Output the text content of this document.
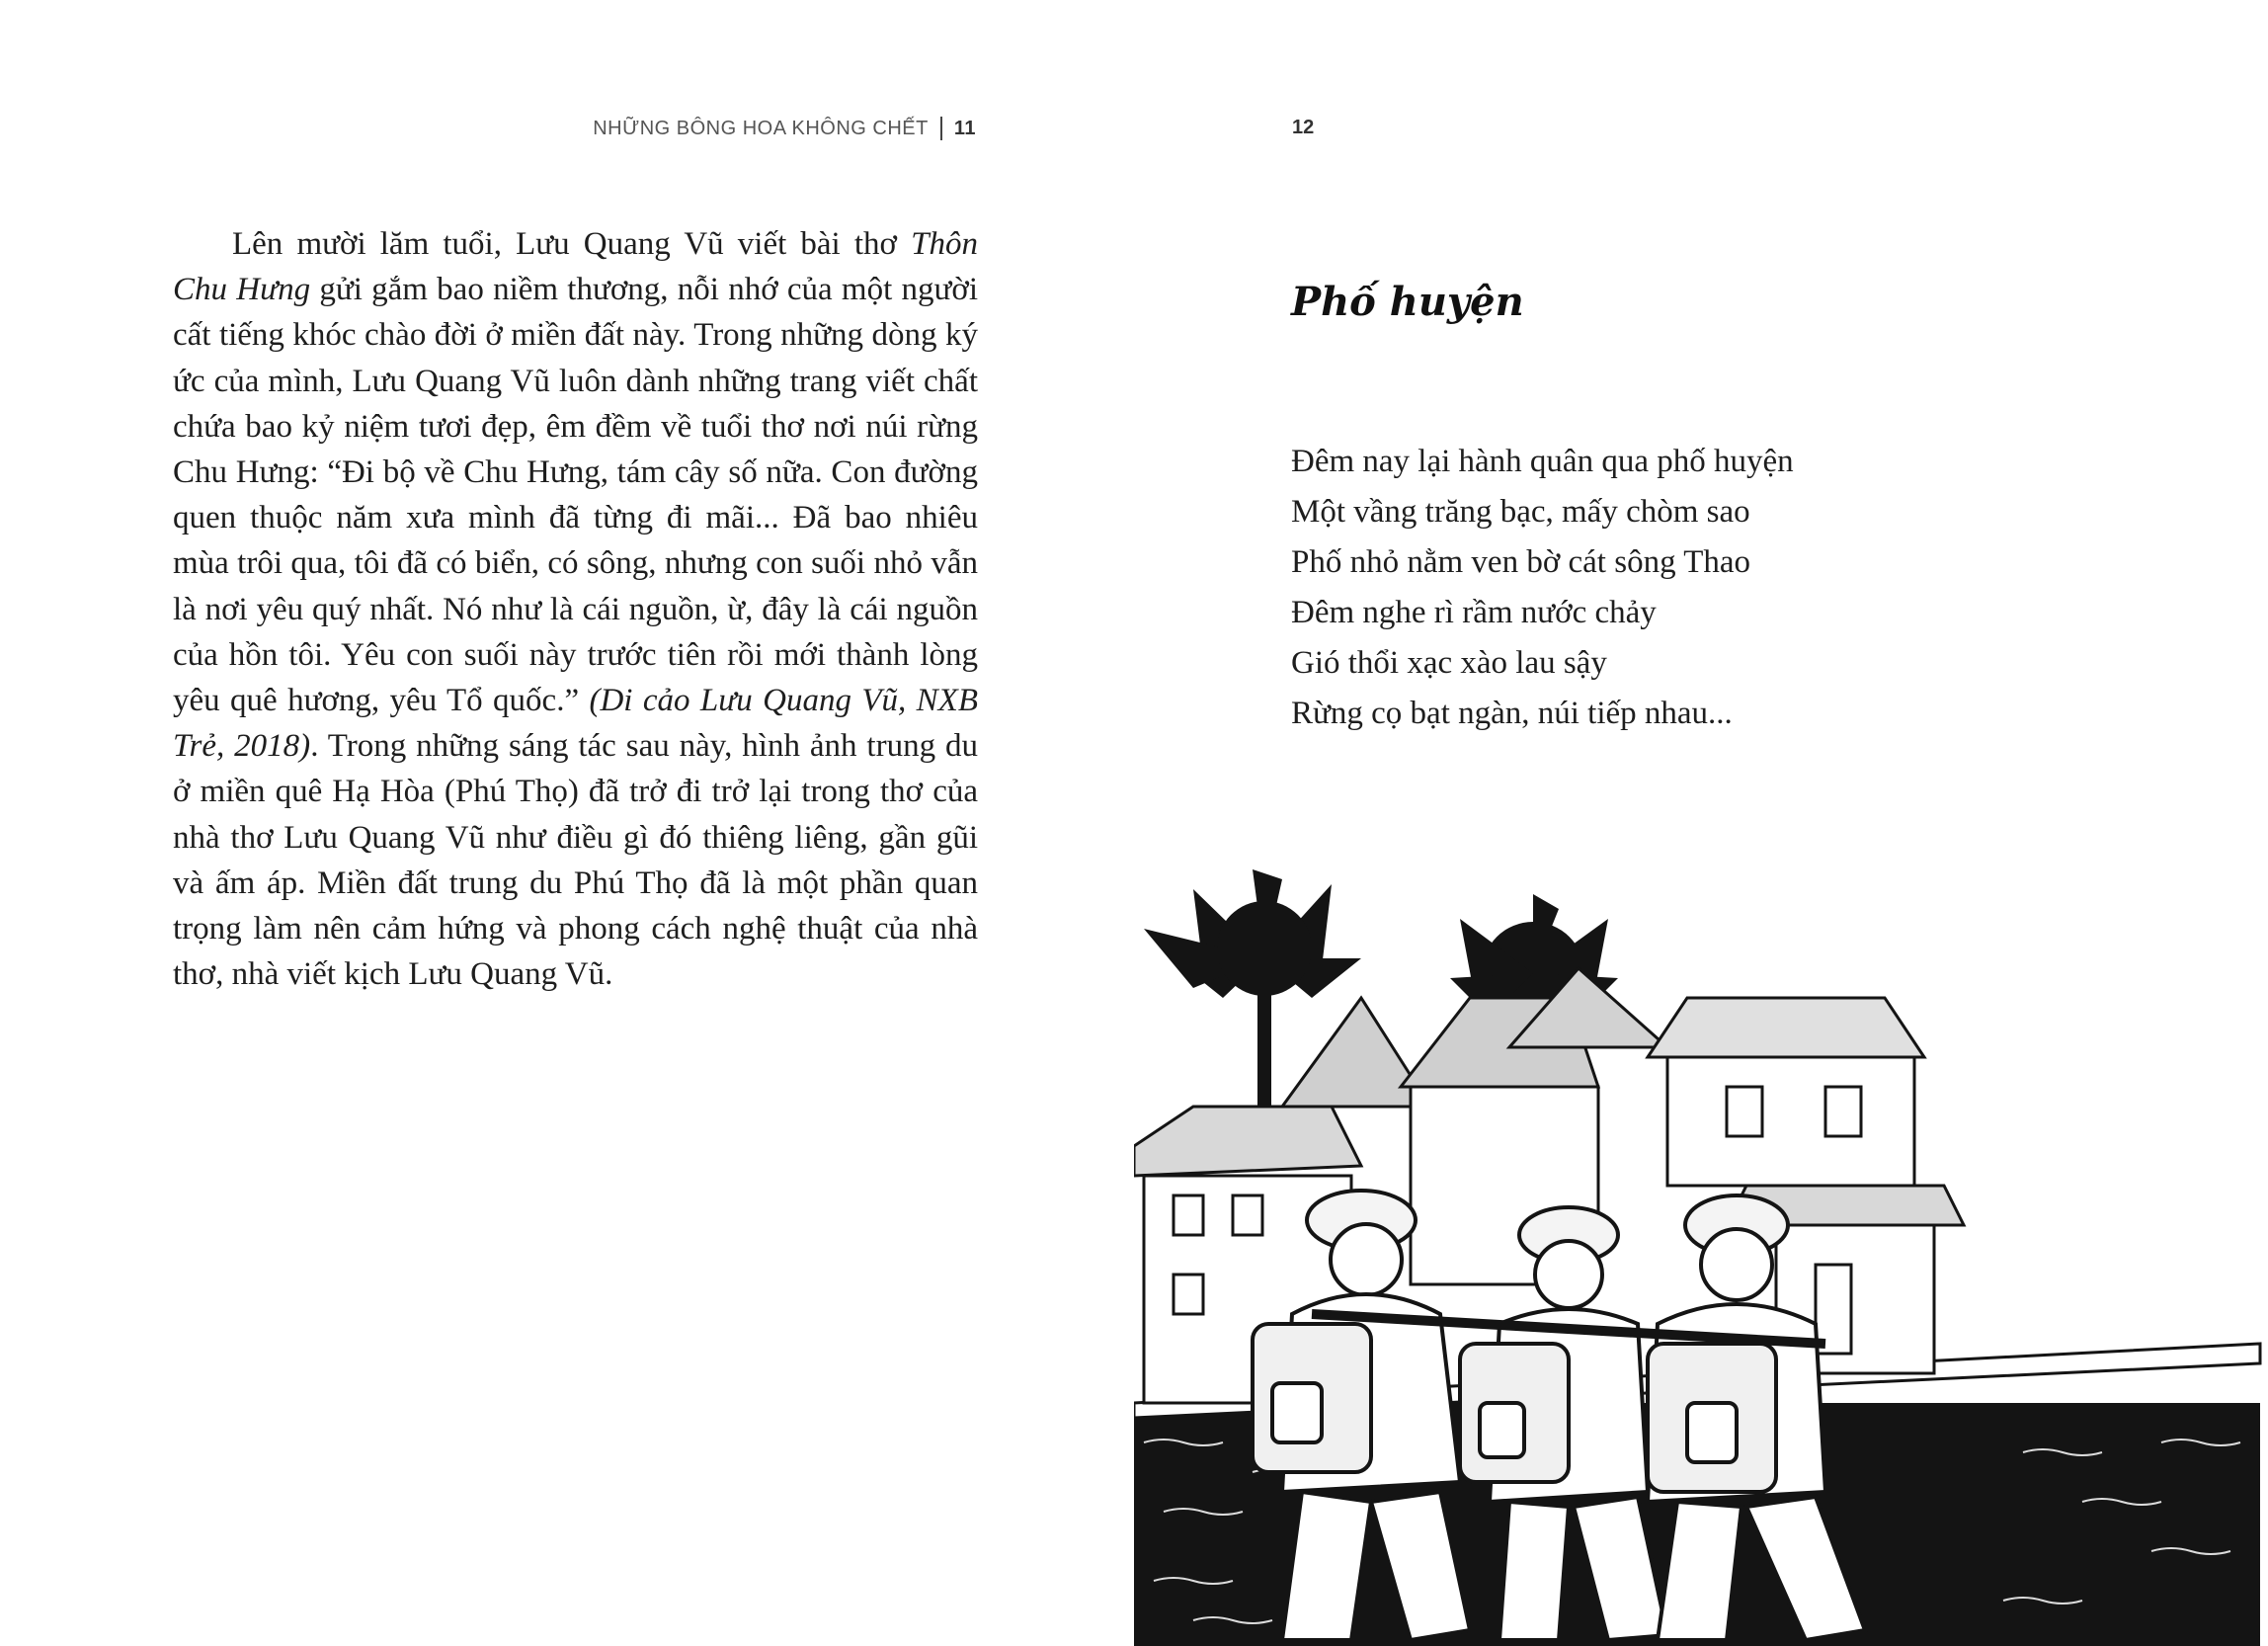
NHỮNG BÔNG HOA KHÔNG CHẾT 11

Lên mười lăm tuổi, Lưu Quang Vũ viết bài thơ Thôn Chu Hưng gửi gắm bao niềm thương, nỗi nhớ của một người cất tiếng khóc chào đời ở miền đất này. Trong những dòng ký ức của mình, Lưu Quang Vũ luôn dành những trang viết chất chứa bao kỷ niệm tươi đẹp, êm đềm về tuổi thơ nơi núi rừng Chu Hưng: “Đi bộ về Chu Hưng, tám cây số nữa. Con đường quen thuộc năm xưa mình đã từng đi mãi... Đã bao nhiêu mùa trôi qua, tôi đã có biển, có sông, nhưng con suối nhỏ vẫn là nơi yêu quý nhất. Nó như là cái nguồn, ừ, đây là cái nguồn của hồn tôi. Yêu con suối này trước tiên rồi mới thành lòng yêu quê hương, yêu Tổ quốc.” (Di cảo Lưu Quang Vũ, NXB Trẻ, 2018). Trong những sáng tác sau này, hình ảnh trung du ở miền quê Hạ Hòa (Phú Thọ) đã trở đi trở lại trong thơ của nhà thơ Lưu Quang Vũ như điều gì đó thiêng liêng, gần gũi và ấm áp. Miền đất trung du Phú Thọ đã là một phần quan trọng làm nên cảm hứng và phong cách nghệ thuật của nhà thơ, nhà viết kịch Lưu Quang Vũ.

12
Phố huyện
Đêm nay lại hành quân qua phố huyện
Một vầng trăng bạc, mấy chòm sao
Phố nhỏ nằm ven bờ cát sông Thao
Đêm nghe rì rầm nước chảy
Gió thổi xạc xào lau sậy
Rừng cọ bạt ngàn, núi tiếp nhau...
